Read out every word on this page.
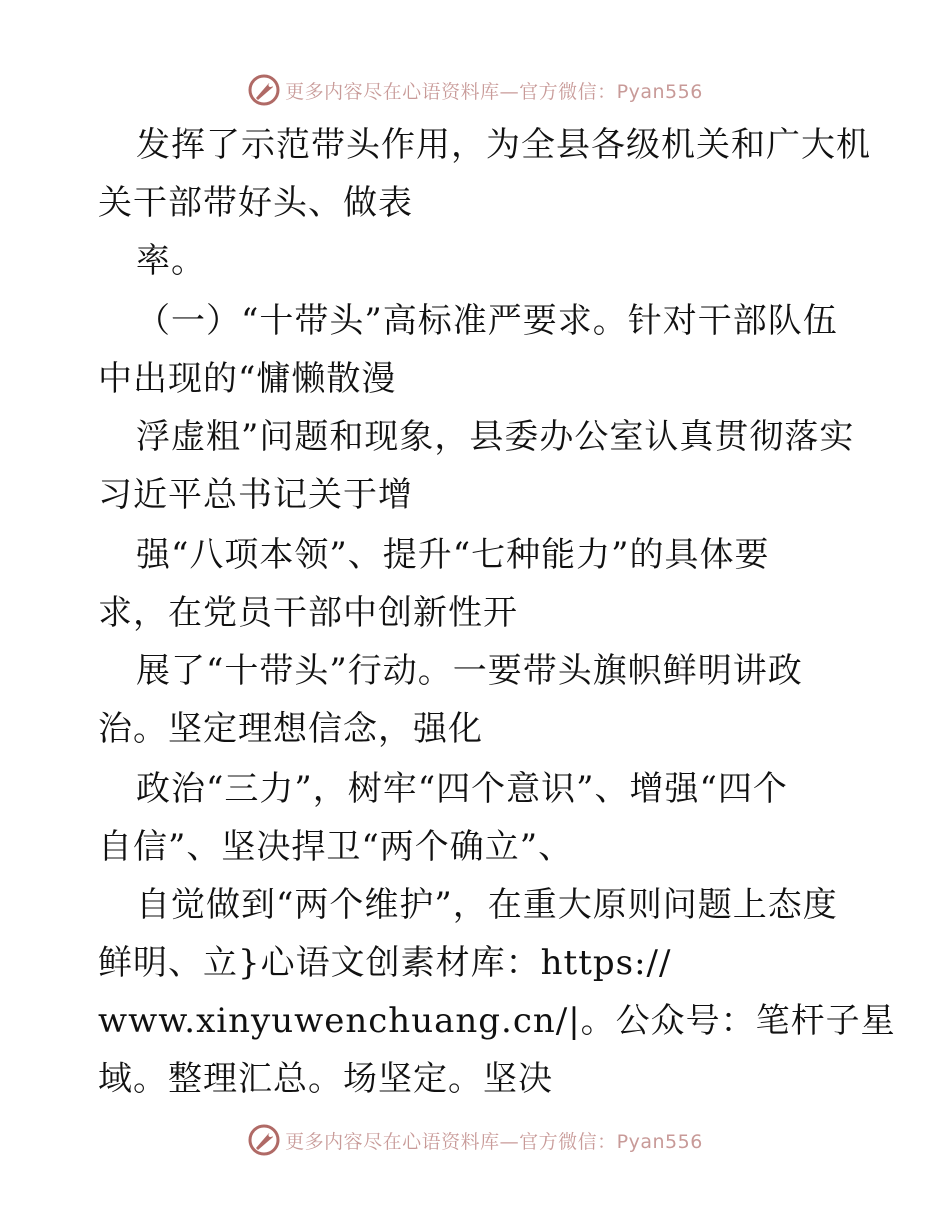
更多内容尽在心语资料库—官方微信：Pyan556
发挥了示范带头作用，为全县各级机关和广大机
关干部带好头、做表
率。
（一）“十带头”高标准严要求。针对干部队伍
中出现的“慵懒散漫
浮虚粗”问题和现象，县委办公室认真贯彻落实
习近平总书记关于增
强“八项本领”、提升“七种能力”的具体要
求，在党员干部中创新性开
展了“十带头”行动。一要带头旗帜鲜明讲政
治。坚定理想信念，强化
政治“三力”，树牢“四个意识”、增强“四个
自信”、坚决捍卫“两个确立”、
自觉做到“两个维护”，在重大原则问题上态度
鲜明、立}心语文创素材库：https://
www.xinyuwenchuang.cn/|。公众号：笔杆子星
域。整理汇总。场坚定。坚决
更多内容尽在心语资料库—官方微信：Pyan556
